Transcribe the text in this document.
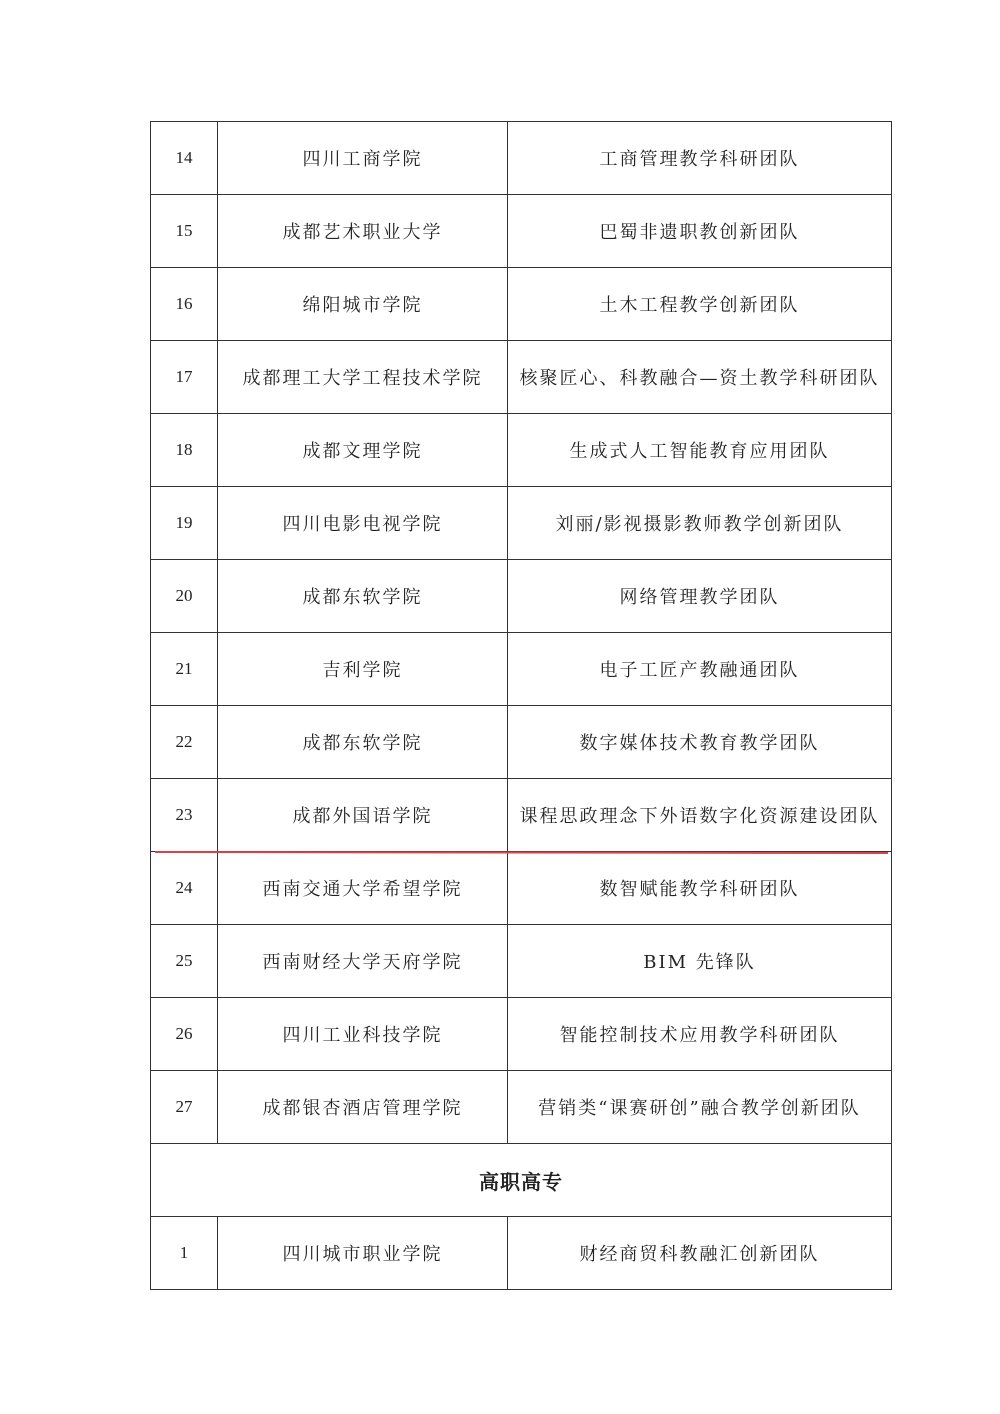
14	四川工商学院	工商管理教学科研团队
15	成都艺术职业大学	巴蜀非遗职教创新团队
16	绵阳城市学院	土木工程教学创新团队
17	成都理工大学工程技术学院	核聚匠心、科教融合—资土教学科研团队
18	成都文理学院	生成式人工智能教育应用团队
19	四川电影电视学院	刘丽/影视摄影教师教学创新团队
20	成都东软学院	网络管理教学团队
21	吉利学院	电子工匠产教融通团队
22	成都东软学院	数字媒体技术教育教学团队
23	成都外国语学院	课程思政理念下外语数字化资源建设团队
24	西南交通大学希望学院	数智赋能教学科研团队
25	西南财经大学天府学院	BIM 先锋队
26	四川工业科技学院	智能控制技术应用教学科研团队
27	成都银杏酒店管理学院	营销类“课赛研创”融合教学创新团队
高职高专		
1	四川城市职业学院	财经商贸科教融汇创新团队
